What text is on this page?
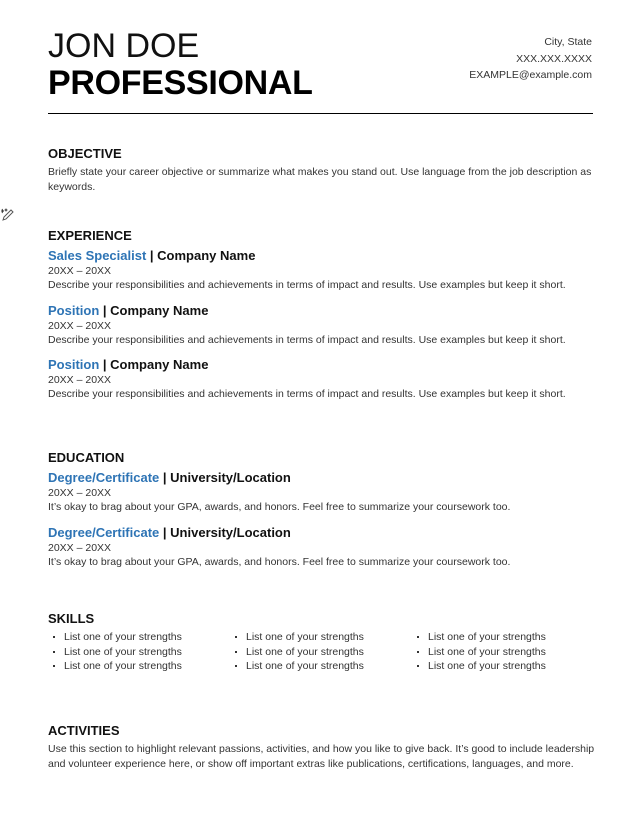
JON DOE
PROFESSIONAL
City, State
XXX.XXX.XXXX
EXAMPLE@example.com
OBJECTIVE
Briefly state your career objective or summarize what makes you stand out. Use language from the job description as keywords.
EXPERIENCE
Sales Specialist | Company Name
20XX – 20XX
Describe your responsibilities and achievements in terms of impact and results. Use examples but keep it short.
Position | Company Name
20XX – 20XX
Describe your responsibilities and achievements in terms of impact and results. Use examples but keep it short.
Position | Company Name
20XX – 20XX
Describe your responsibilities and achievements in terms of impact and results. Use examples but keep it short.
EDUCATION
Degree/Certificate | University/Location
20XX – 20XX
It’s okay to brag about your GPA, awards, and honors. Feel free to summarize your coursework too.
Degree/Certificate | University/Location
20XX – 20XX
It’s okay to brag about your GPA, awards, and honors. Feel free to summarize your coursework too.
SKILLS
List one of your strengths
List one of your strengths
List one of your strengths
List one of your strengths
List one of your strengths
List one of your strengths
List one of your strengths
List one of your strengths
List one of your strengths
ACTIVITIES
Use this section to highlight relevant passions, activities, and how you like to give back. It’s good to include leadership and volunteer experience here, or show off important extras like publications, certifications, languages, and more.
